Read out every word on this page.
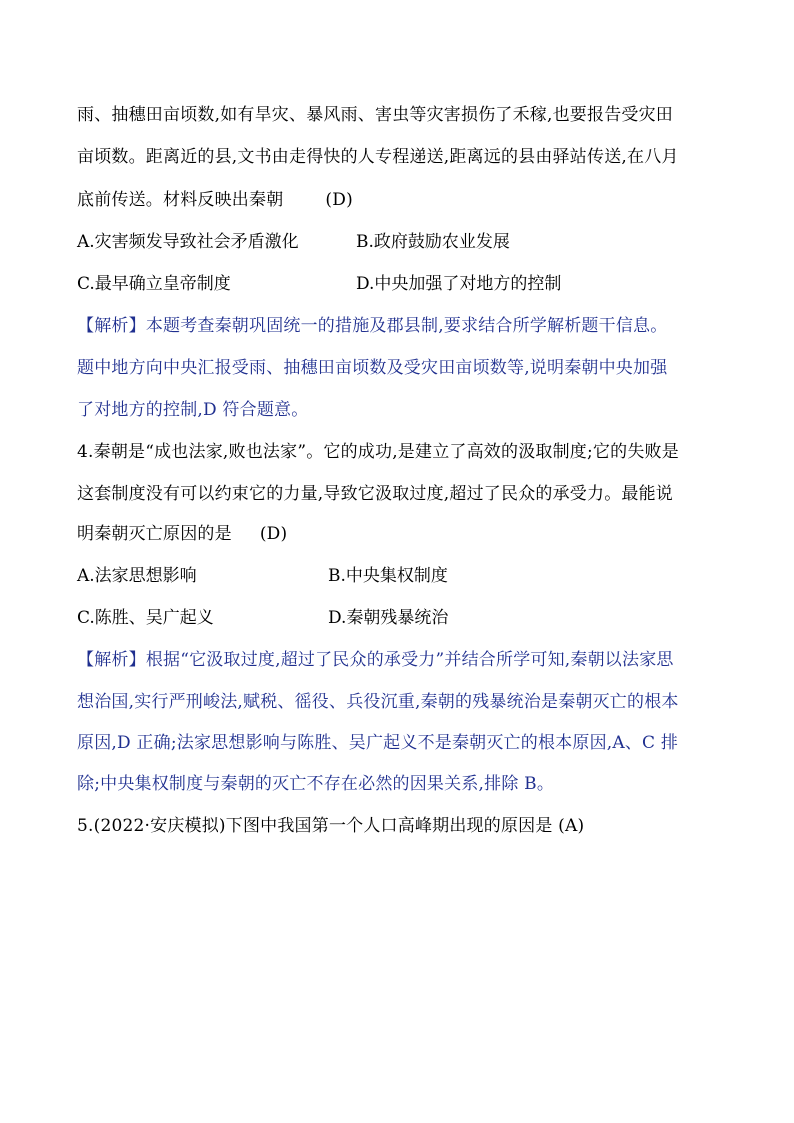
雨、抽穗田亩顷数,如有旱灾、暴风雨、害虫等灾害损伤了禾稼,也要报告受灾田
亩顷数。距离近的县,文书由走得快的人专程递送,距离远的县由驿站传送,在八月
底前传送。材料反映出秦朝 (D)
A.灾害频发导致社会矛盾激化	B.政府鼓励农业发展
C.最早确立皇帝制度	D.中央加强了对地方的控制
【解析】本题考查秦朝巩固统一的措施及郡县制,要求结合所学解析题干信息。
题中地方向中央汇报受雨、抽穗田亩顷数及受灾田亩顷数等,说明秦朝中央加强
了对地方的控制,D 符合题意。
4.秦朝是“成也法家,败也法家”。它的成功,是建立了高效的汲取制度;它的失败是
这套制度没有可以约束它的力量,导致它汲取过度,超过了民众的承受力。最能说
明秦朝灭亡原因的是 (D)
A.法家思想影响	B.中央集权制度
C.陈胜、吴广起义	D.秦朝残暴统治
【解析】根据“它汲取过度,超过了民众的承受力”并结合所学可知,秦朝以法家思
想治国,实行严刑峻法,赋税、徭役、兵役沉重,秦朝的残暴统治是秦朝灭亡的根本
原因,D 正确;法家思想影响与陈胜、吴广起义不是秦朝灭亡的根本原因,A、C 排
除;中央集权制度与秦朝的灭亡不存在必然的因果关系,排除 B。
5.(2022·安庆模拟)下图中我国第一个人口高峰期出现的原因是 (A)
